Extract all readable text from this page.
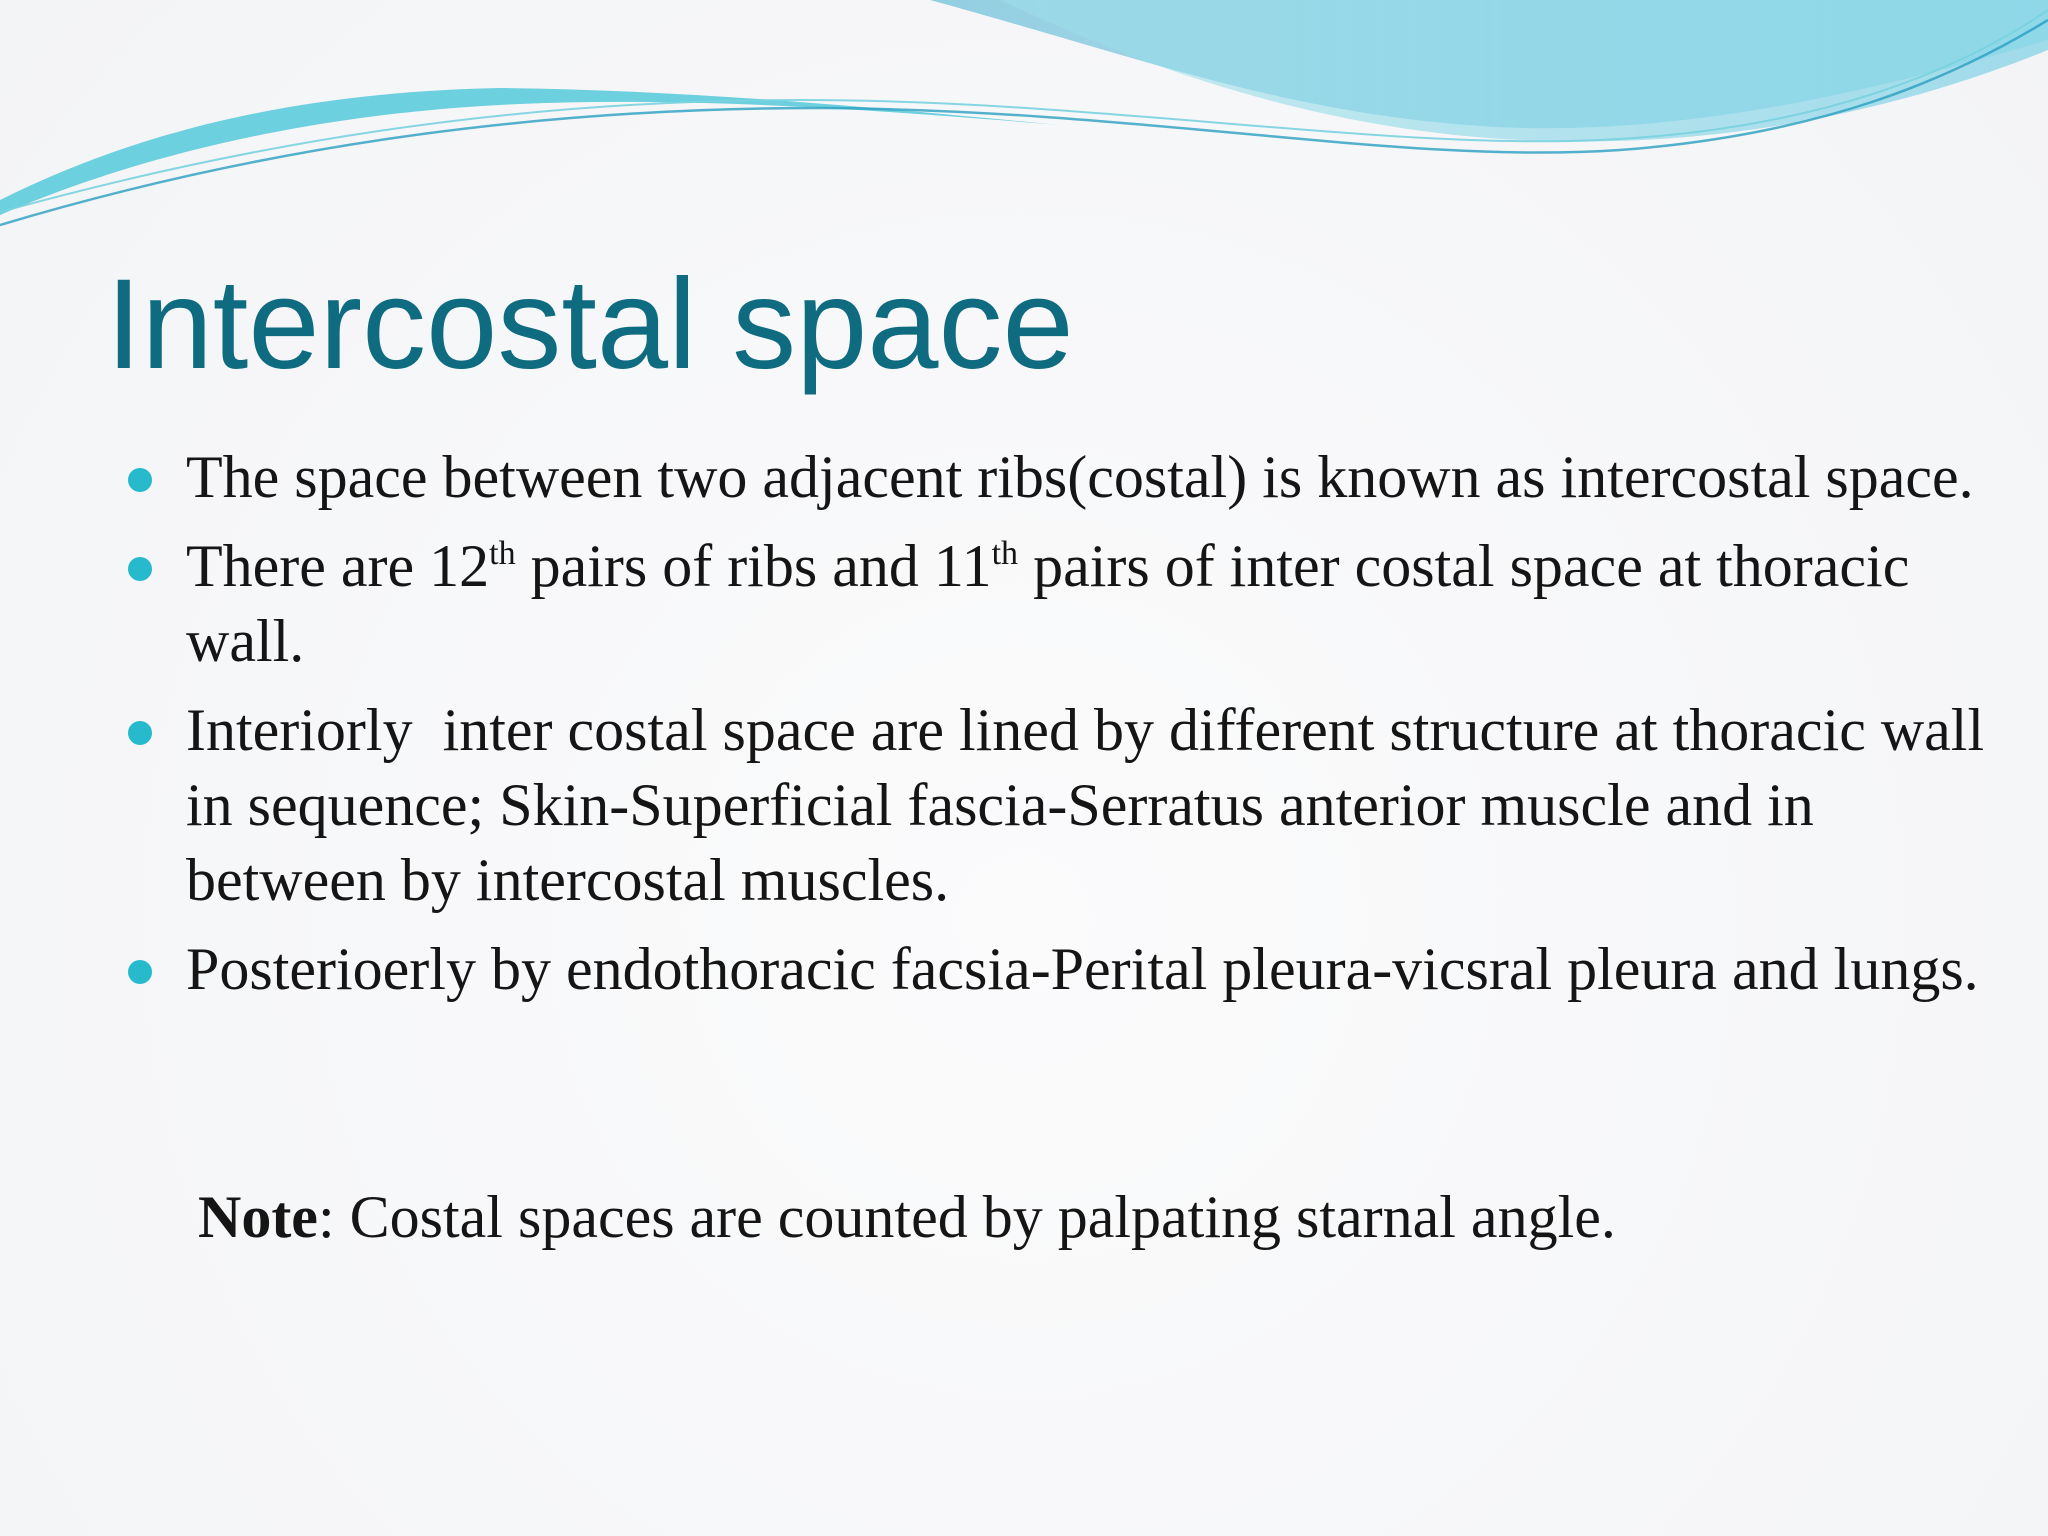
Intercostal space
The space between two adjacent ribs(costal) is known as intercostal space.
There are 12th pairs of ribs and 11th pairs of inter costal space at thoracic wall.
Interiorly  inter costal space are lined by different structure at thoracic wall in sequence; Skin-Superficial fascia-Serratus anterior muscle and in between by intercostal muscles.
Posterioerly by endothoracic facsia-Perital pleura-vicsral pleura and lungs.

Note: Costal spaces are counted by palpating starnal angle.
